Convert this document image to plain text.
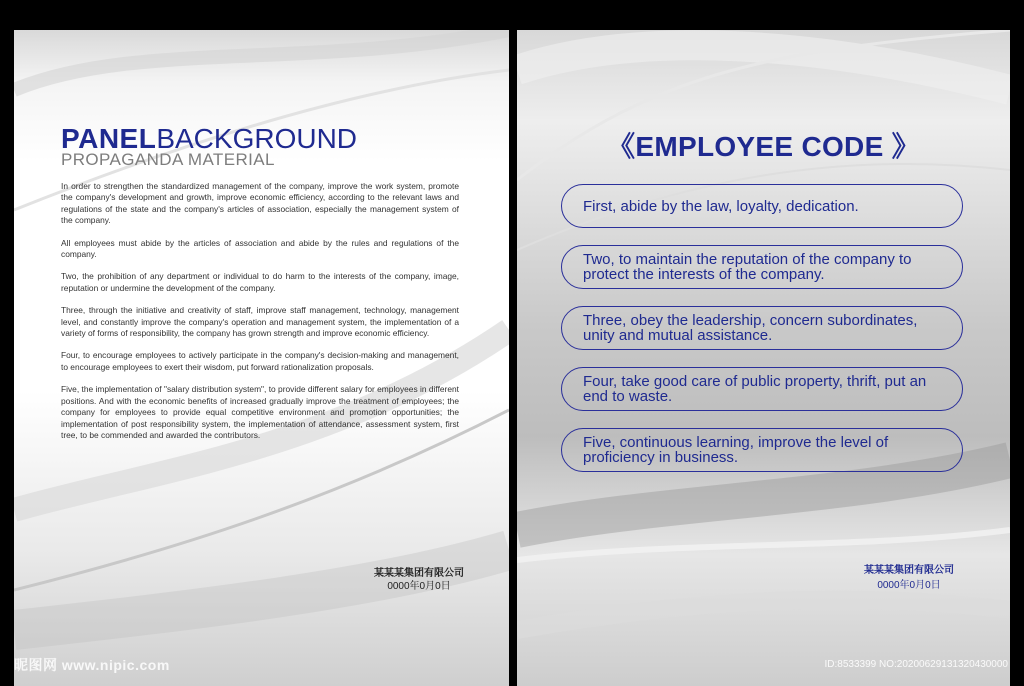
PANELBACKGROUND
PROPAGANDA MATERIAL

In order to strengthen the standardized management of the company, improve the work system, promote the company's development and growth, improve economic efficiency, according to the relevant laws and regulations of the state and the company's articles of association, especially the management system of the company.

All employees must abide by the articles of association and abide by the rules and regulations of the company.

Two, the prohibition of any department or individual to do harm to the interests of the company, image, reputation or undermine the development of the company.

Three, through the initiative and creativity of staff, improve staff management, technology, management level, and constantly improve the company's operation and management system, the implementation of a variety of forms of responsibility, the company has grown strength and improve economic efficiency.

Four, to encourage employees to actively participate in the company's decision-making and management, to encourage employees to exert their wisdom, put forward rationalization proposals.

Five, the implementation of "salary distribution system", to provide different salary for employees in different positions. And with the economic benefits of increased gradually improve the treatment of employees; the company for employees to provide equal competitive environment and promotion opportunities; the implementation of post responsibility system, the implementation of attendance, assessment system, first tree, to be commended and awarded the contributors.

某某某集团有限公司
0000年0月0日
《EMPLOYEE CODE 》
First, abide by the law, loyalty, dedication.
Two, to maintain the reputation of the company to protect the interests of the company.
Three, obey the leadership, concern subordinates, unity and mutual assistance.
Four, take good care of public property, thrift, put an end to waste.
Five, continuous learning, improve the level of proficiency in business.
某某某集团有限公司
0000年0月0日
昵图网 www.nipic.com	ID:8533399 NO:20200629131320430000
